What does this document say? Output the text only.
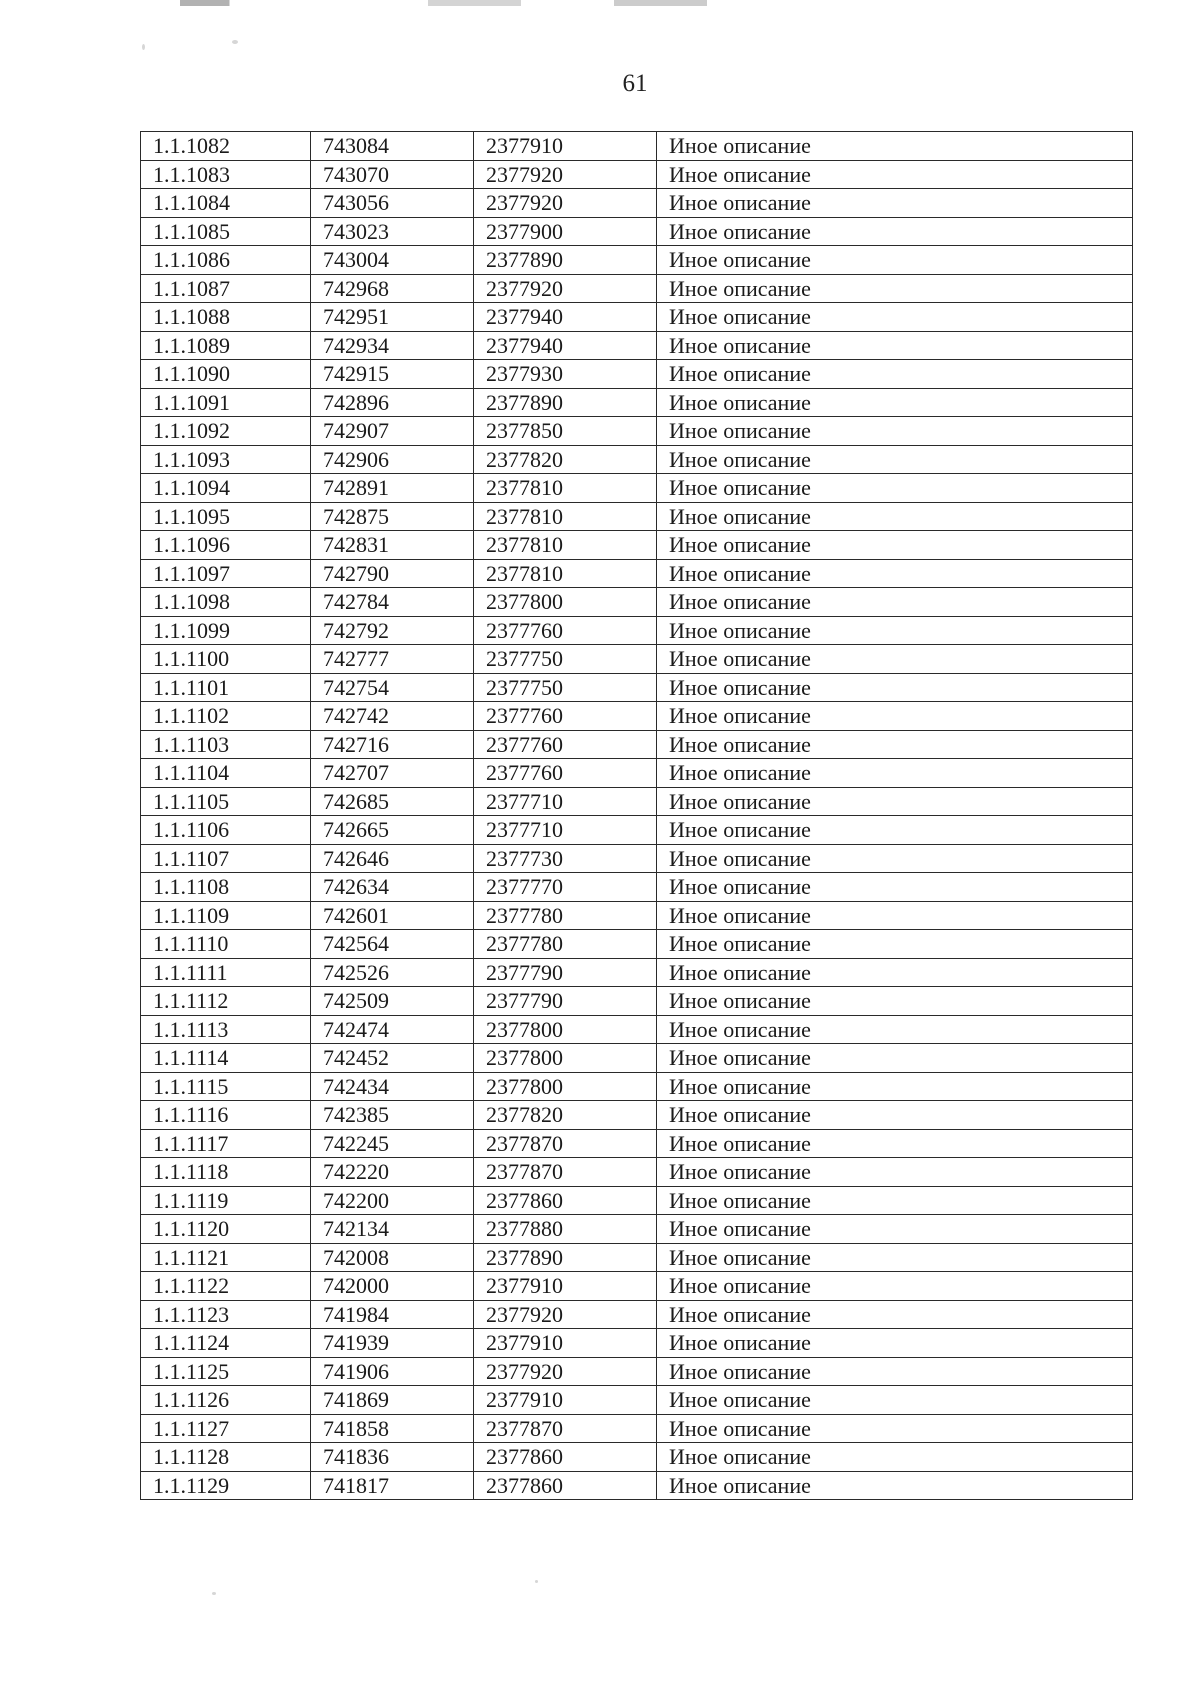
61
1.1.1082	743084	2377910	Иное описание
1.1.1083	743070	2377920	Иное описание
1.1.1084	743056	2377920	Иное описание
1.1.1085	743023	2377900	Иное описание
1.1.1086	743004	2377890	Иное описание
1.1.1087	742968	2377920	Иное описание
1.1.1088	742951	2377940	Иное описание
1.1.1089	742934	2377940	Иное описание
1.1.1090	742915	2377930	Иное описание
1.1.1091	742896	2377890	Иное описание
1.1.1092	742907	2377850	Иное описание
1.1.1093	742906	2377820	Иное описание
1.1.1094	742891	2377810	Иное описание
1.1.1095	742875	2377810	Иное описание
1.1.1096	742831	2377810	Иное описание
1.1.1097	742790	2377810	Иное описание
1.1.1098	742784	2377800	Иное описание
1.1.1099	742792	2377760	Иное описание
1.1.1100	742777	2377750	Иное описание
1.1.1101	742754	2377750	Иное описание
1.1.1102	742742	2377760	Иное описание
1.1.1103	742716	2377760	Иное описание
1.1.1104	742707	2377760	Иное описание
1.1.1105	742685	2377710	Иное описание
1.1.1106	742665	2377710	Иное описание
1.1.1107	742646	2377730	Иное описание
1.1.1108	742634	2377770	Иное описание
1.1.1109	742601	2377780	Иное описание
1.1.1110	742564	2377780	Иное описание
1.1.1111	742526	2377790	Иное описание
1.1.1112	742509	2377790	Иное описание
1.1.1113	742474	2377800	Иное описание
1.1.1114	742452	2377800	Иное описание
1.1.1115	742434	2377800	Иное описание
1.1.1116	742385	2377820	Иное описание
1.1.1117	742245	2377870	Иное описание
1.1.1118	742220	2377870	Иное описание
1.1.1119	742200	2377860	Иное описание
1.1.1120	742134	2377880	Иное описание
1.1.1121	742008	2377890	Иное описание
1.1.1122	742000	2377910	Иное описание
1.1.1123	741984	2377920	Иное описание
1.1.1124	741939	2377910	Иное описание
1.1.1125	741906	2377920	Иное описание
1.1.1126	741869	2377910	Иное описание
1.1.1127	741858	2377870	Иное описание
1.1.1128	741836	2377860	Иное описание
1.1.1129	741817	2377860	Иное описание
